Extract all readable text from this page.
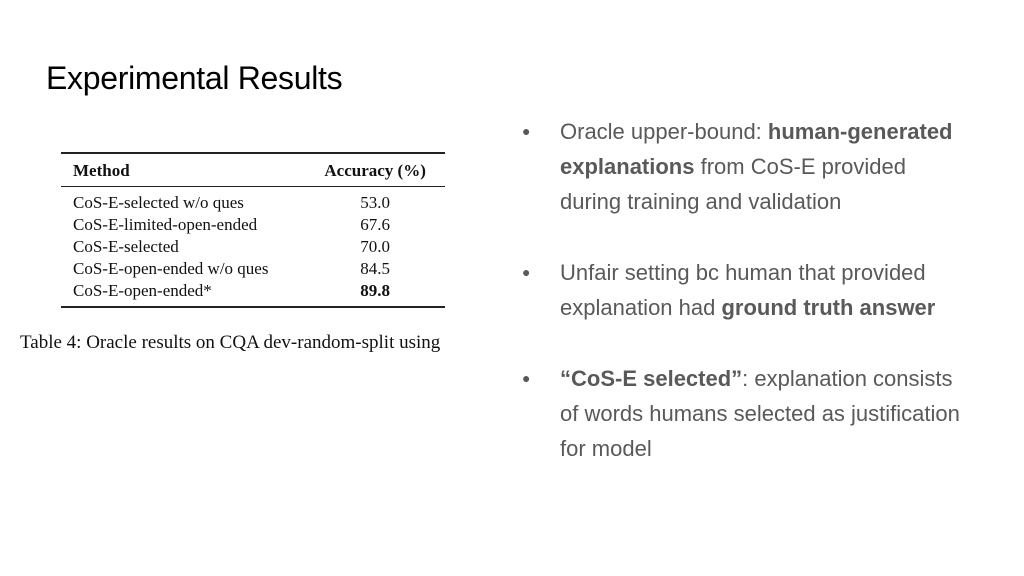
Experimental Results
Method	Accuracy (%)
CoS-E-selected w/o ques	53.0
CoS-E-limited-open-ended	67.6
CoS-E-selected	70.0
CoS-E-open-ended w/o ques	84.5
CoS-E-open-ended*	89.8
Table 4: Oracle results on CQA dev-random-split using
● Oracle upper-bound: human-generated explanations from CoS-E provided during training and validation
● Unfair setting bc human that provided explanation had ground truth answer
● “CoS-E selected”: explanation consists of words humans selected as justification for model
